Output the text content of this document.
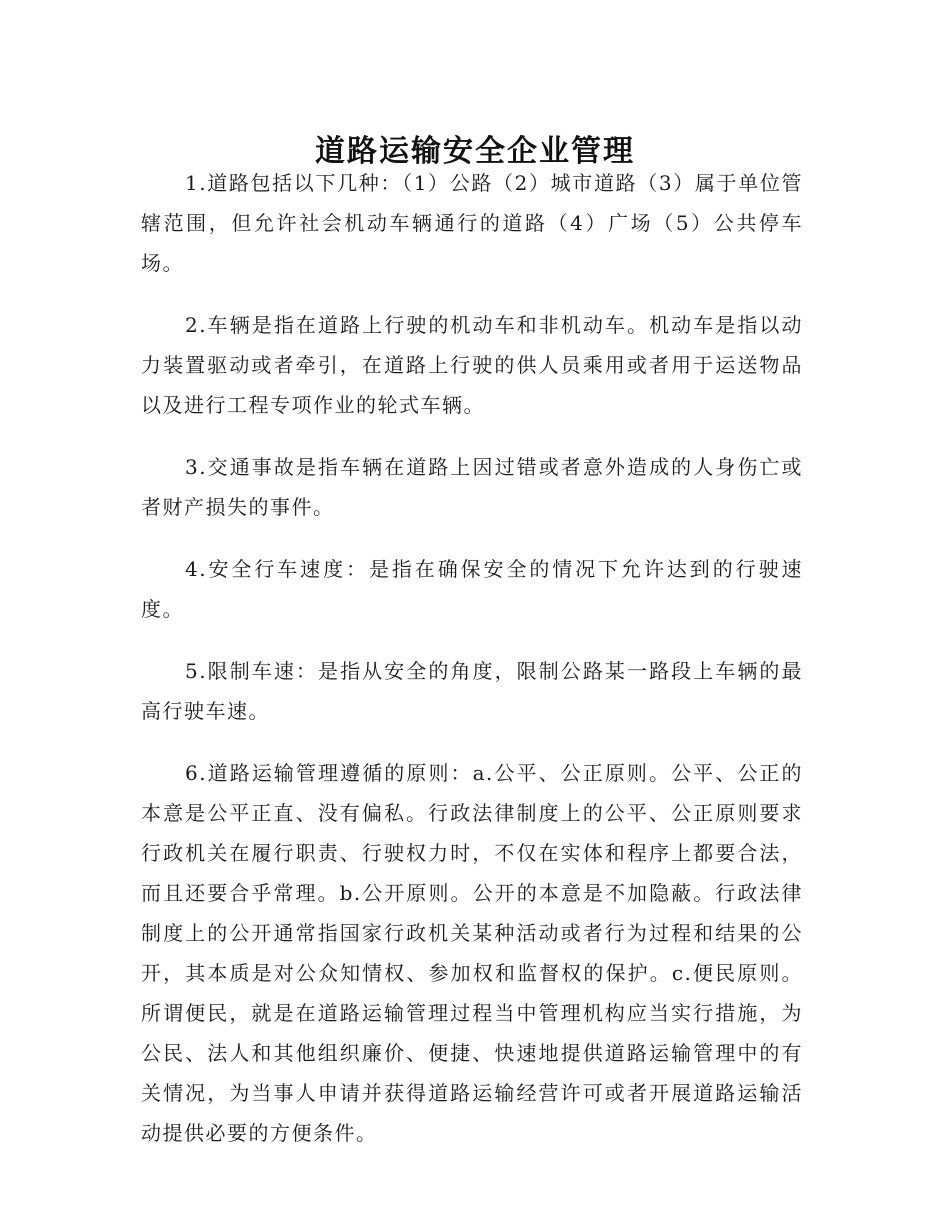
道路运输安全企业管理

1.道路包括以下几种：（1）公路（2）城市道路（3）属于单位管辖范围，但允许社会机动车辆通行的道路（4）广场（5）公共停车场。

2.车辆是指在道路上行驶的机动车和非机动车。机动车是指以动力装置驱动或者牵引，在道路上行驶的供人员乘用或者用于运送物品以及进行工程专项作业的轮式车辆。

3.交通事故是指车辆在道路上因过错或者意外造成的人身伤亡或者财产损失的事件。

4.安全行车速度：是指在确保安全的情况下允许达到的行驶速度。

5.限制车速：是指从安全的角度，限制公路某一路段上车辆的最高行驶车速。

6.道路运输管理遵循的原则：a.公平、公正原则。公平、公正的本意是公平正直、没有偏私。行政法律制度上的公平、公正原则要求行政机关在履行职责、行驶权力时，不仅在实体和程序上都要合法，而且还要合乎常理。b.公开原则。公开的本意是不加隐蔽。行政法律制度上的公开通常指国家行政机关某种活动或者行为过程和结果的公开，其本质是对公众知情权、参加权和监督权的保护。c.便民原则。所谓便民，就是在道路运输管理过程当中管理机构应当实行措施，为公民、法人和其他组织廉价、便捷、快速地提供道路运输管理中的有关情况，为当事人申请并获得道路运输经营许可或者开展道路运输活动提供必要的方便条件。
